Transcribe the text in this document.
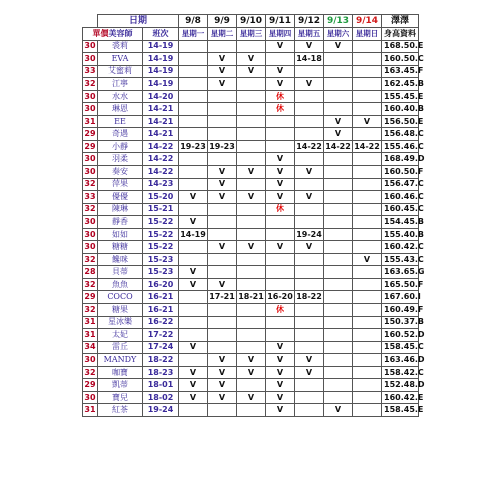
	日期		9/8	9/9	9/10	9/11	9/12	9/13	9/14	澤澤
單價美容師		班次	星期一	星期二	星期三	星期四	星期五	星期六	星期日	身高資料
30	裘莉	14-19				V	V	V		168.50.E
30	EVA	14-19		V	V		14-18			160.50.C
33	艾蜜莉	14-19		V	V	V				163.45.F
32	江寧	14-19		V		V	V			162.45.B
30	水水	14-20				休				155.45.E
30	琳恩	14-21				休				160.40.B
31	EE	14-21						V	V	156.50.E
29	奇遇	14-21						V		156.48.C
29	小靜	14-22	19-23	19-23			14-22	14-22	14-22	155.46.C
30	羽柔	14-22				V				168.49.D
30	奏安	14-22		V	V	V	V			160.50.F
32	萍果	14-23		V		V				156.47.C
33	優優	15-20	V	V	V	V	V			160.46.C
32	陳琳	15-21				休				160.45.C
30	靜香	15-22	V							154.45.B
30	如如	15-22	14-19				19-24			155.40.B
30	糖糖	15-22		V	V	V	V			160.42.C
32	饞咪	15-23							V	155.43.C
28	貝蒂	15-23	V							163.65.G
32	魚魚	16-20	V	V						165.50.F
29	COCO	16-21		17-21	18-21	16-20	18-22			167.60.I
32	糖果	16-21				休				160.49.F
31	星冰樂	16-22								150.37.B
31	太妃	17-22								160.52.D
34	雷丘	17-24	V			V				158.45.C
30	MANDY	18-22		V	V	V	V			163.46.D
32	咖寶	18-23	V	V	V	V	V			158.42.C
29	凱蒂	18-01	V	V		V				152.48.D
30	寶兒	18-02	V	V	V	V				160.42.E
31	紅茶	19-24				V		V		158.45.E
